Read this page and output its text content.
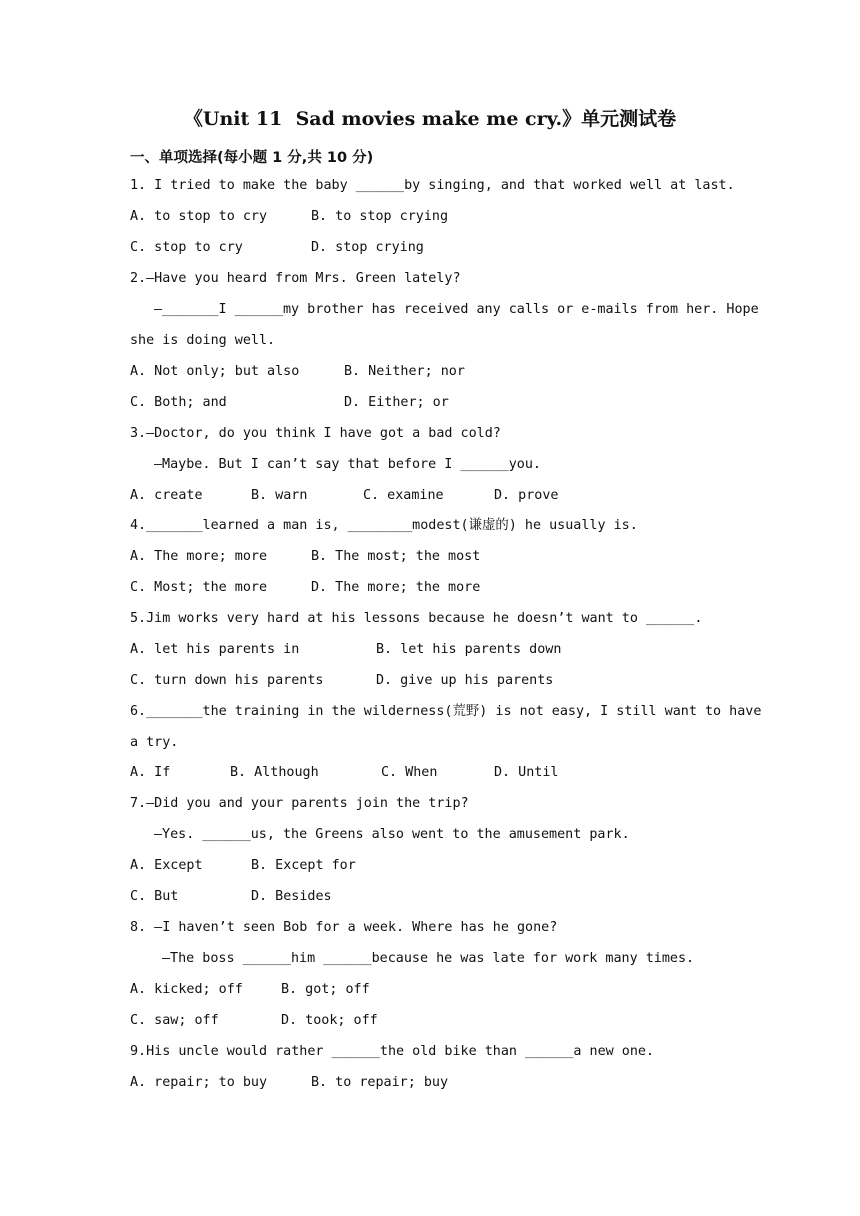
《Unit 11  Sad movies make me cry.》单元测试卷
一、单项选择(每小题 1 分,共 10 分)
1. I tried to make the baby ______by singing, and that worked well at last.
A. to stop to cry	B. to stop crying
C. stop to cry	D. stop crying
2.—Have you heard from Mrs. Green lately?
—_______I ______my brother has received any calls or e-mails from her. Hope
she is doing well.
A. Not only; but also	B. Neither; nor
C. Both; and	D. Either; or
3.—Doctor, do you think I have got a bad cold?
—Maybe. But I can’t say that before I ______you.
A. create	B. warn	C. examine	D. prove
4._______learned a man is, ________modest(谦虚的) he usually is.
A. The more; more	B. The most; the most
C. Most; the more	D. The more; the more
5.Jim works very hard at his lessons because he doesn’t want to ______.
A. let his parents in	B. let his parents down
C. turn down his parents	D. give up his parents
6._______the training in the wilderness(荒野) is not easy, I still want to have
a try.
A. If	B. Although	C. When	D. Until
7.—Did you and your parents join the trip?
—Yes. ______us, the Greens also went to the amusement park.
A. Except	B. Except for
C. But	D. Besides
8. —I haven’t seen Bob for a week. Where has he gone?
—The boss ______him ______because he was late for work many times.
A. kicked; off	B. got; off
C. saw; off	D. took; off
9.His uncle would rather ______the old bike than ______a new one.
A. repair; to buy	B. to repair; buy
